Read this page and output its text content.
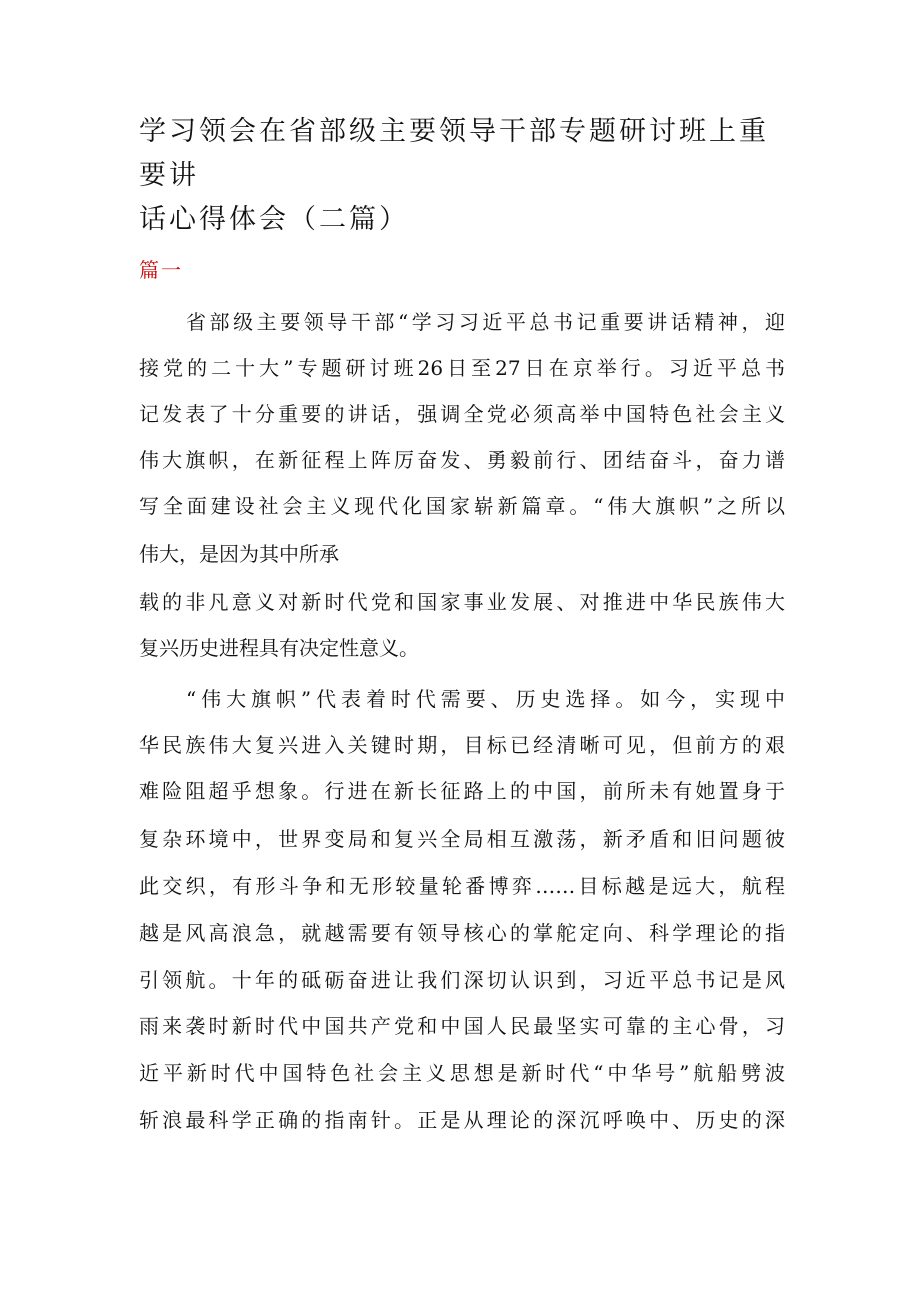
学习领会在省部级主要领导干部专题研讨班上重要讲
话心得体会（二篇）
篇一

省部级主要领导干部“学习习近平总书记重要讲话精神，迎

接党的二十大”专题研讨班26日至27日在京举行。习近平总书

记发表了十分重要的讲话，强调全党必须高举中国特色社会主义

伟大旗帜，在新征程上阵厉奋发、勇毅前行、团结奋斗，奋力谱

写全面建设社会主义现代化国家崭新篇章。“伟大旗帜”之所以

伟大，是因为其中所承

载的非凡意义对新时代党和国家事业发展、对推进中华民族伟大

复兴历史进程具有决定性意义。

“伟大旗帜”代表着时代需要、历史选择。如今，实现中

华民族伟大复兴进入关键时期，目标已经清晰可见，但前方的艰

难险阻超乎想象。行进在新长征路上的中国，前所未有她置身于

复杂环境中，世界变局和复兴全局相互激荡，新矛盾和旧问题彼

此交织，有形斗争和无形较量轮番博弈……目标越是远大，航程

越是风高浪急，就越需要有领导核心的掌舵定向、科学理论的指

引领航。十年的砥砺奋进让我们深切认识到，习近平总书记是风

雨来袭时新时代中国共产党和中国人民最坚实可靠的主心骨，习

近平新时代中国特色社会主义思想是新时代“中华号”航船劈波

斩浪最科学正确的指南针。正是从理论的深沉呼唤中、历史的深
